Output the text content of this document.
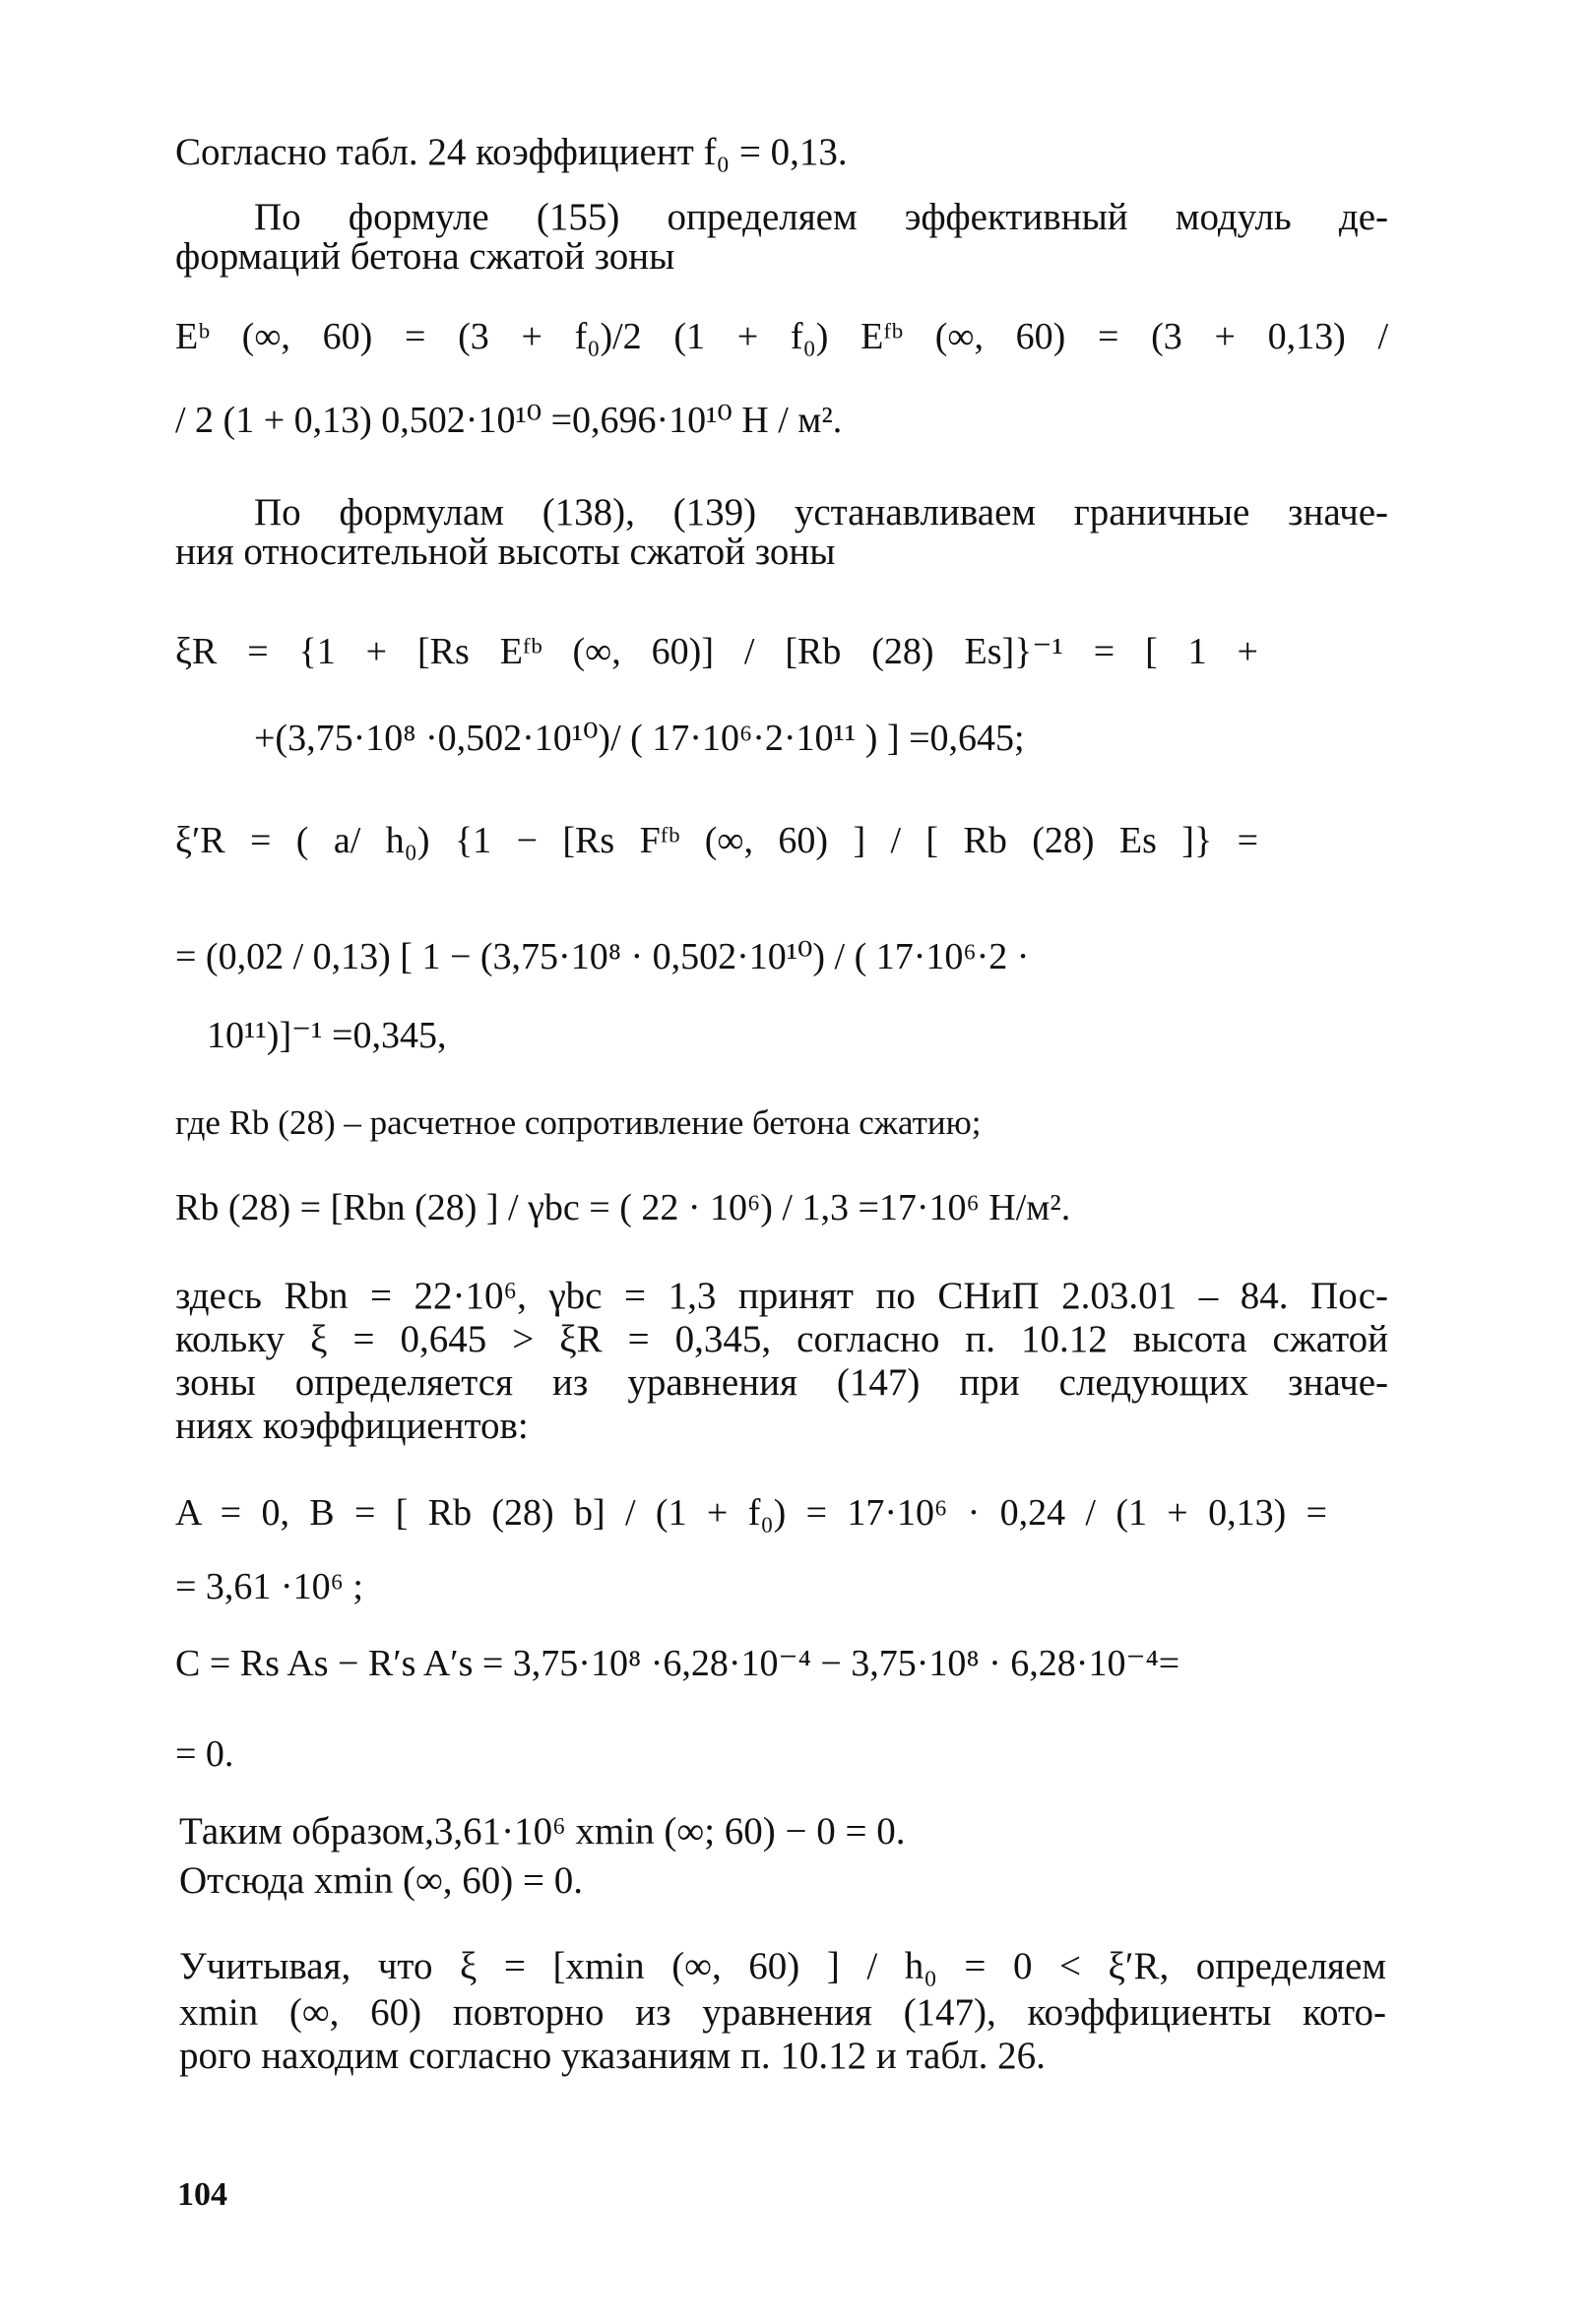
Согласно табл. 24 коэффициент f₀ = 0,13.
По формуле (155) определяем эффективный модуль де-
формаций бетона сжатой зоны
Eᵇ (∞, 60) = (3 + f₀)/2 (1 + f₀) Eᶠᵇ (∞, 60) = (3 + 0,13) /
/ 2 (1 + 0,13) 0,502·10¹⁰ =0,696·10¹⁰ Н / м².
По формулам (138), (139) устанавливаем граничные значе-
ния относительной высоты сжатой зоны
ξR = {1 + [Rs Eᶠᵇ (∞, 60)] / [Rb (28) Es]}⁻¹ = [ 1 +
+(3,75·10⁸ ·0,502·10¹⁰)/ ( 17·10⁶·2·10¹¹ ) ] =0,645;
ξ′R = ( a/ h₀) {1 − [Rs Fᶠᵇ (∞, 60) ] / [ Rb (28) Es ]} =
= (0,02 / 0,13) [ 1 − (3,75·10⁸ · 0,502·10¹⁰) / ( 17·10⁶·2 ·
10¹¹)]⁻¹ =0,345,
где Rb (28) – расчетное сопротивление бетона сжатию;
Rb (28) = [Rbn (28) ] / γbc = ( 22 · 10⁶) / 1,3 =17·10⁶ Н/м².
здесь Rbn = 22·10⁶, γbc = 1,3 принят по СНиП 2.03.01 – 84. Пос-
кольку ξ = 0,645 > ξR = 0,345, согласно п. 10.12 высота сжатой
зоны определяется из уравнения (147) при следующих значе-
ниях коэффициентов:
A = 0, B = [ Rb (28) b] / (1 + f₀) = 17·10⁶ · 0,24 / (1 + 0,13) =
= 3,61 ·10⁶ ;
C = Rs As − R′s A′s = 3,75·10⁸ ·6,28·10⁻⁴ − 3,75·10⁸ · 6,28·10⁻⁴=
= 0.
Таким образом,3,61·10⁶ xmin (∞; 60) − 0 = 0.
Отсюда xmin (∞, 60) = 0.
Учитывая, что ξ = [xmin (∞, 60) ] / h₀ = 0 < ξ′R, определяем
xmin (∞, 60) повторно из уравнения (147), коэффициенты кото-
рого находим согласно указаниям п. 10.12 и табл. 26.
104
